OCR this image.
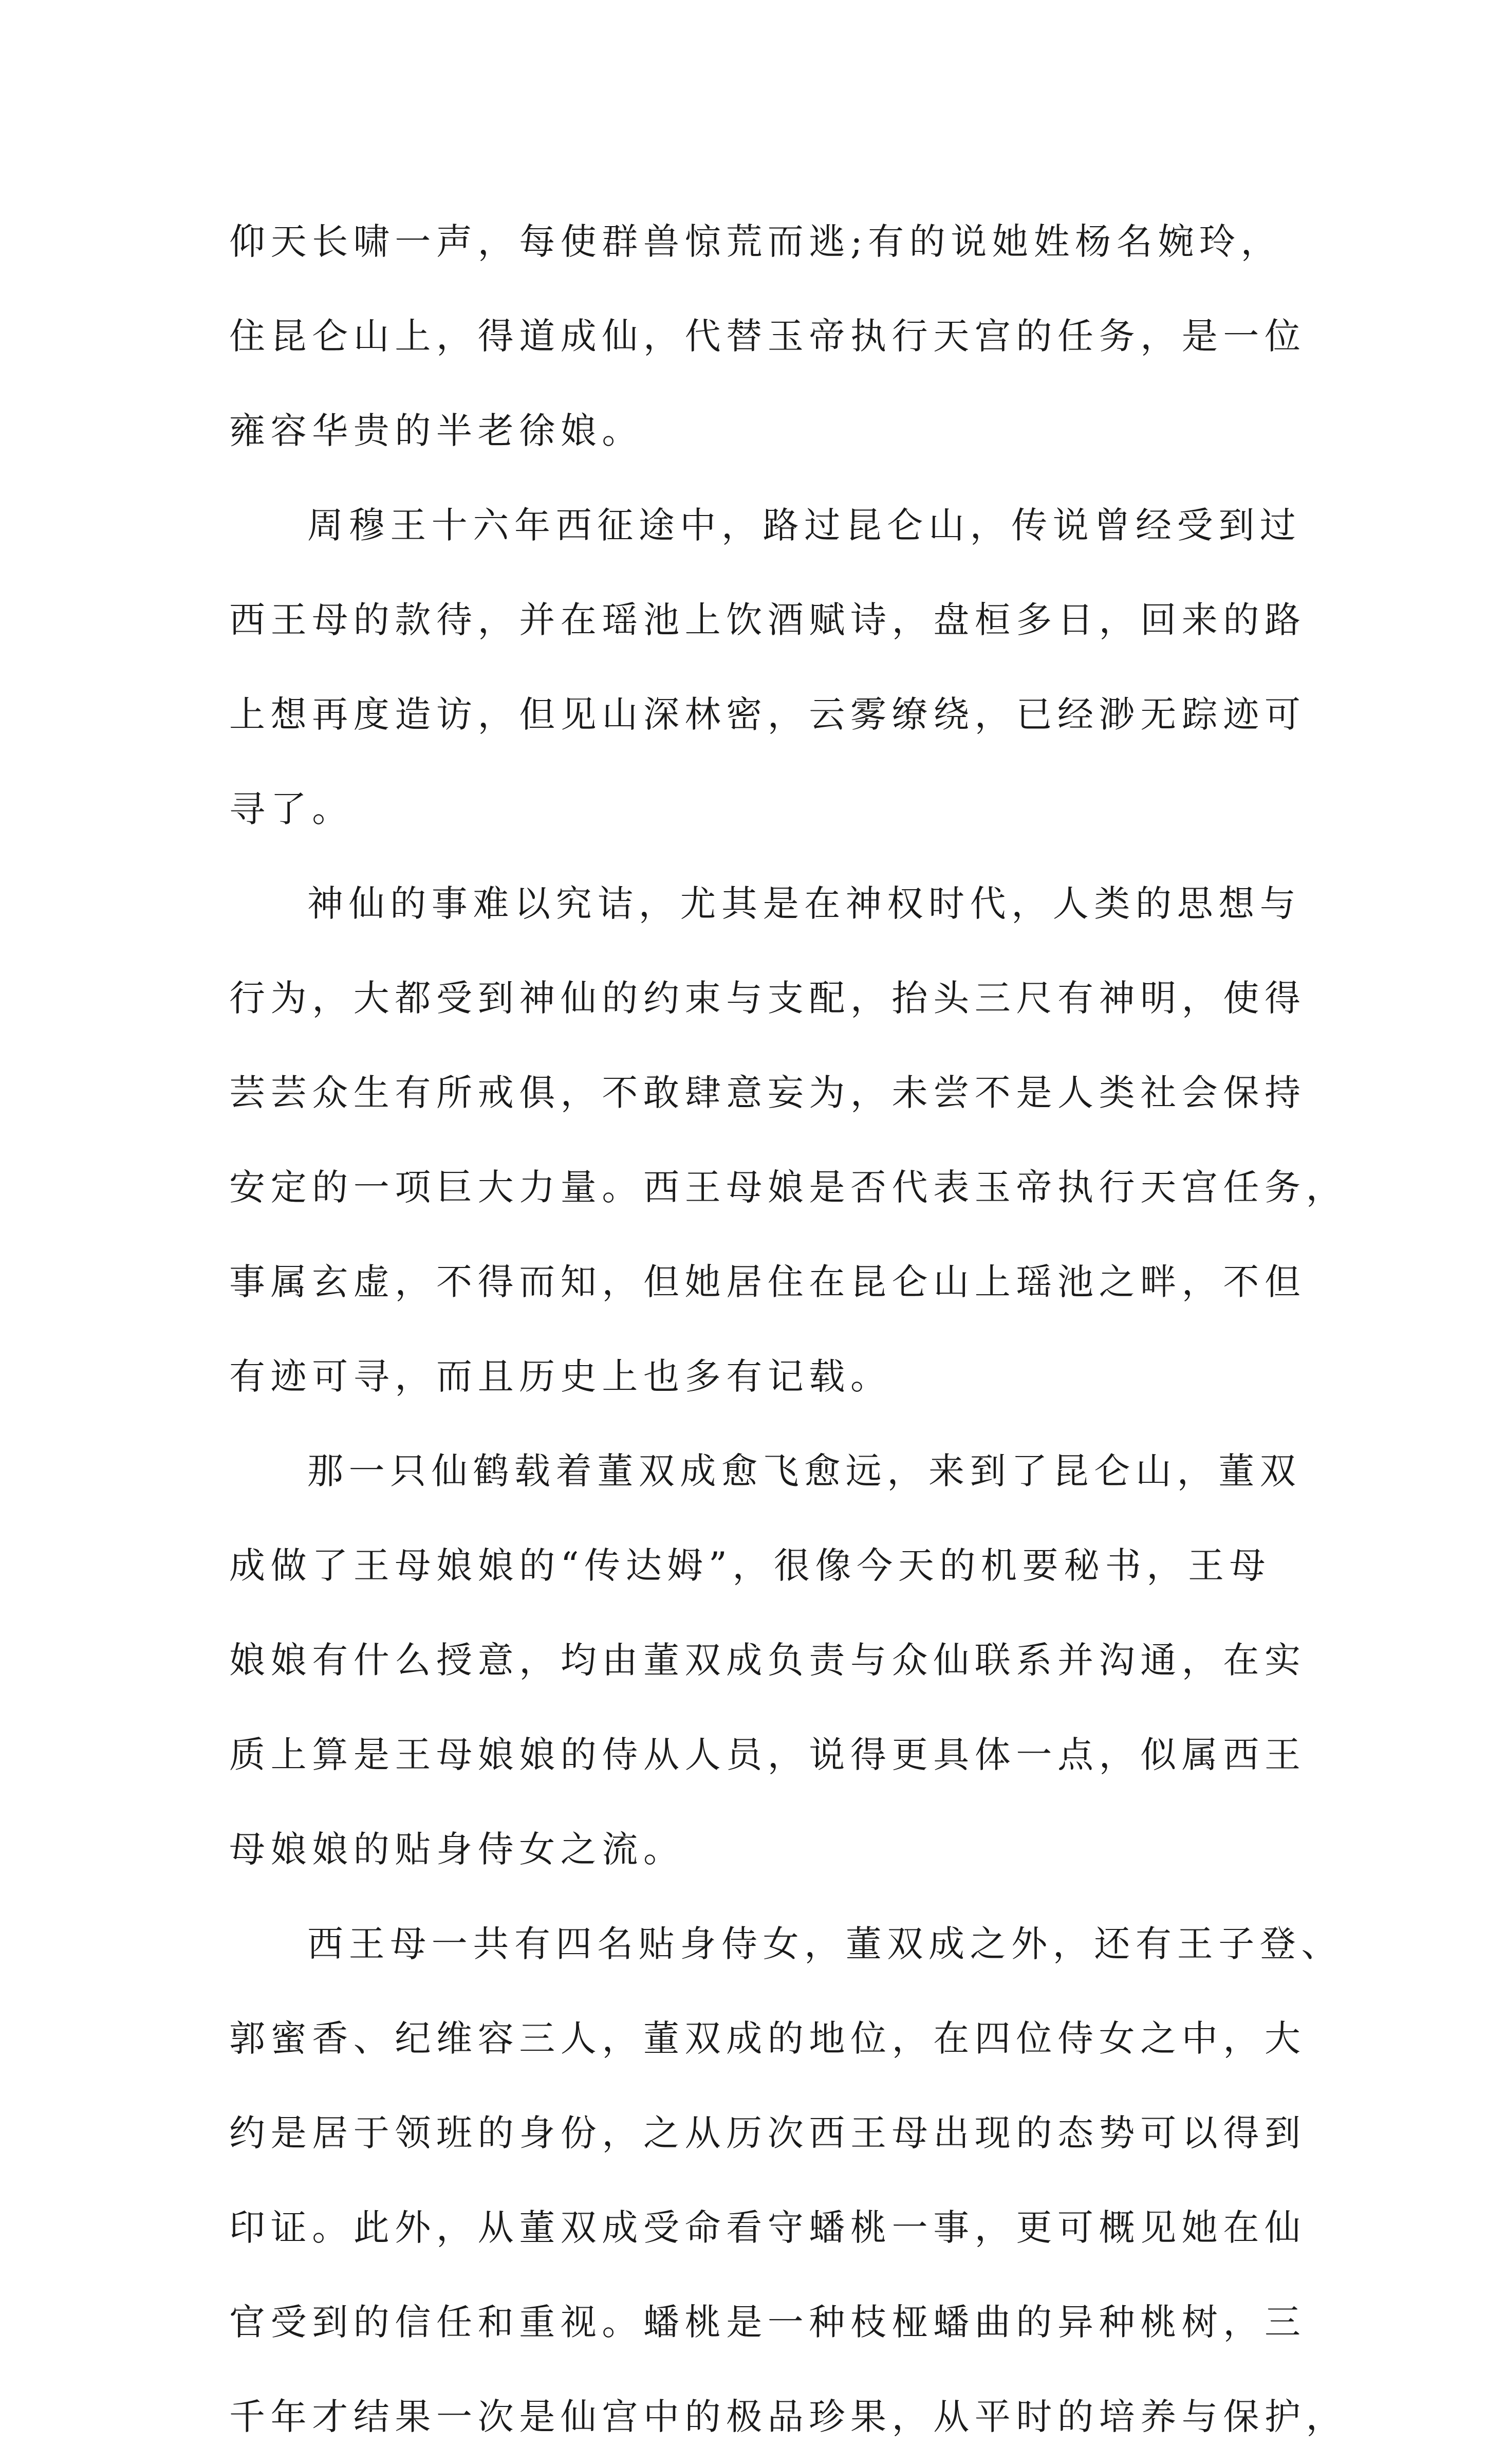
仰天长啸一声，每使群兽惊荒而逃;有的说她姓杨名婉玲，
住昆仑山上，得道成仙，代替玉帝执行天宫的任务，是一位
雍容华贵的半老徐娘。
周穆王十六年西征途中，路过昆仑山，传说曾经受到过
西王母的款待，并在瑶池上饮酒赋诗，盘桓多日，回来的路
上想再度造访，但见山深林密，云雾缭绕，已经渺无踪迹可
寻了。
神仙的事难以究诘，尤其是在神权时代，人类的思想与
行为，大都受到神仙的约束与支配，抬头三尺有神明，使得
芸芸众生有所戒俱，不敢肆意妄为，未尝不是人类社会保持
安定的一项巨大力量。西王母娘是否代表玉帝执行天宫任务，
事属玄虚，不得而知，但她居住在昆仑山上瑶池之畔，不但
有迹可寻，而且历史上也多有记载。
那一只仙鹤载着董双成愈飞愈远，来到了昆仑山，董双
成做了王母娘娘的“传达姆”，很像今天的机要秘书，王母
娘娘有什么授意，均由董双成负责与众仙联系并沟通，在实
质上算是王母娘娘的侍从人员，说得更具体一点，似属西王
母娘娘的贴身侍女之流。
西王母一共有四名贴身侍女，董双成之外，还有王子登、
郭蜜香、纪维容三人，董双成的地位，在四位侍女之中，大
约是居于领班的身份，之从历次西王母出现的态势可以得到
印证。此外，从董双成受命看守蟠桃一事，更可概见她在仙
官受到的信任和重视。蟠桃是一种枝桠蟠曲的异种桃树，三
千年才结果一次是仙宫中的极品珍果，从平时的培养与保护，
